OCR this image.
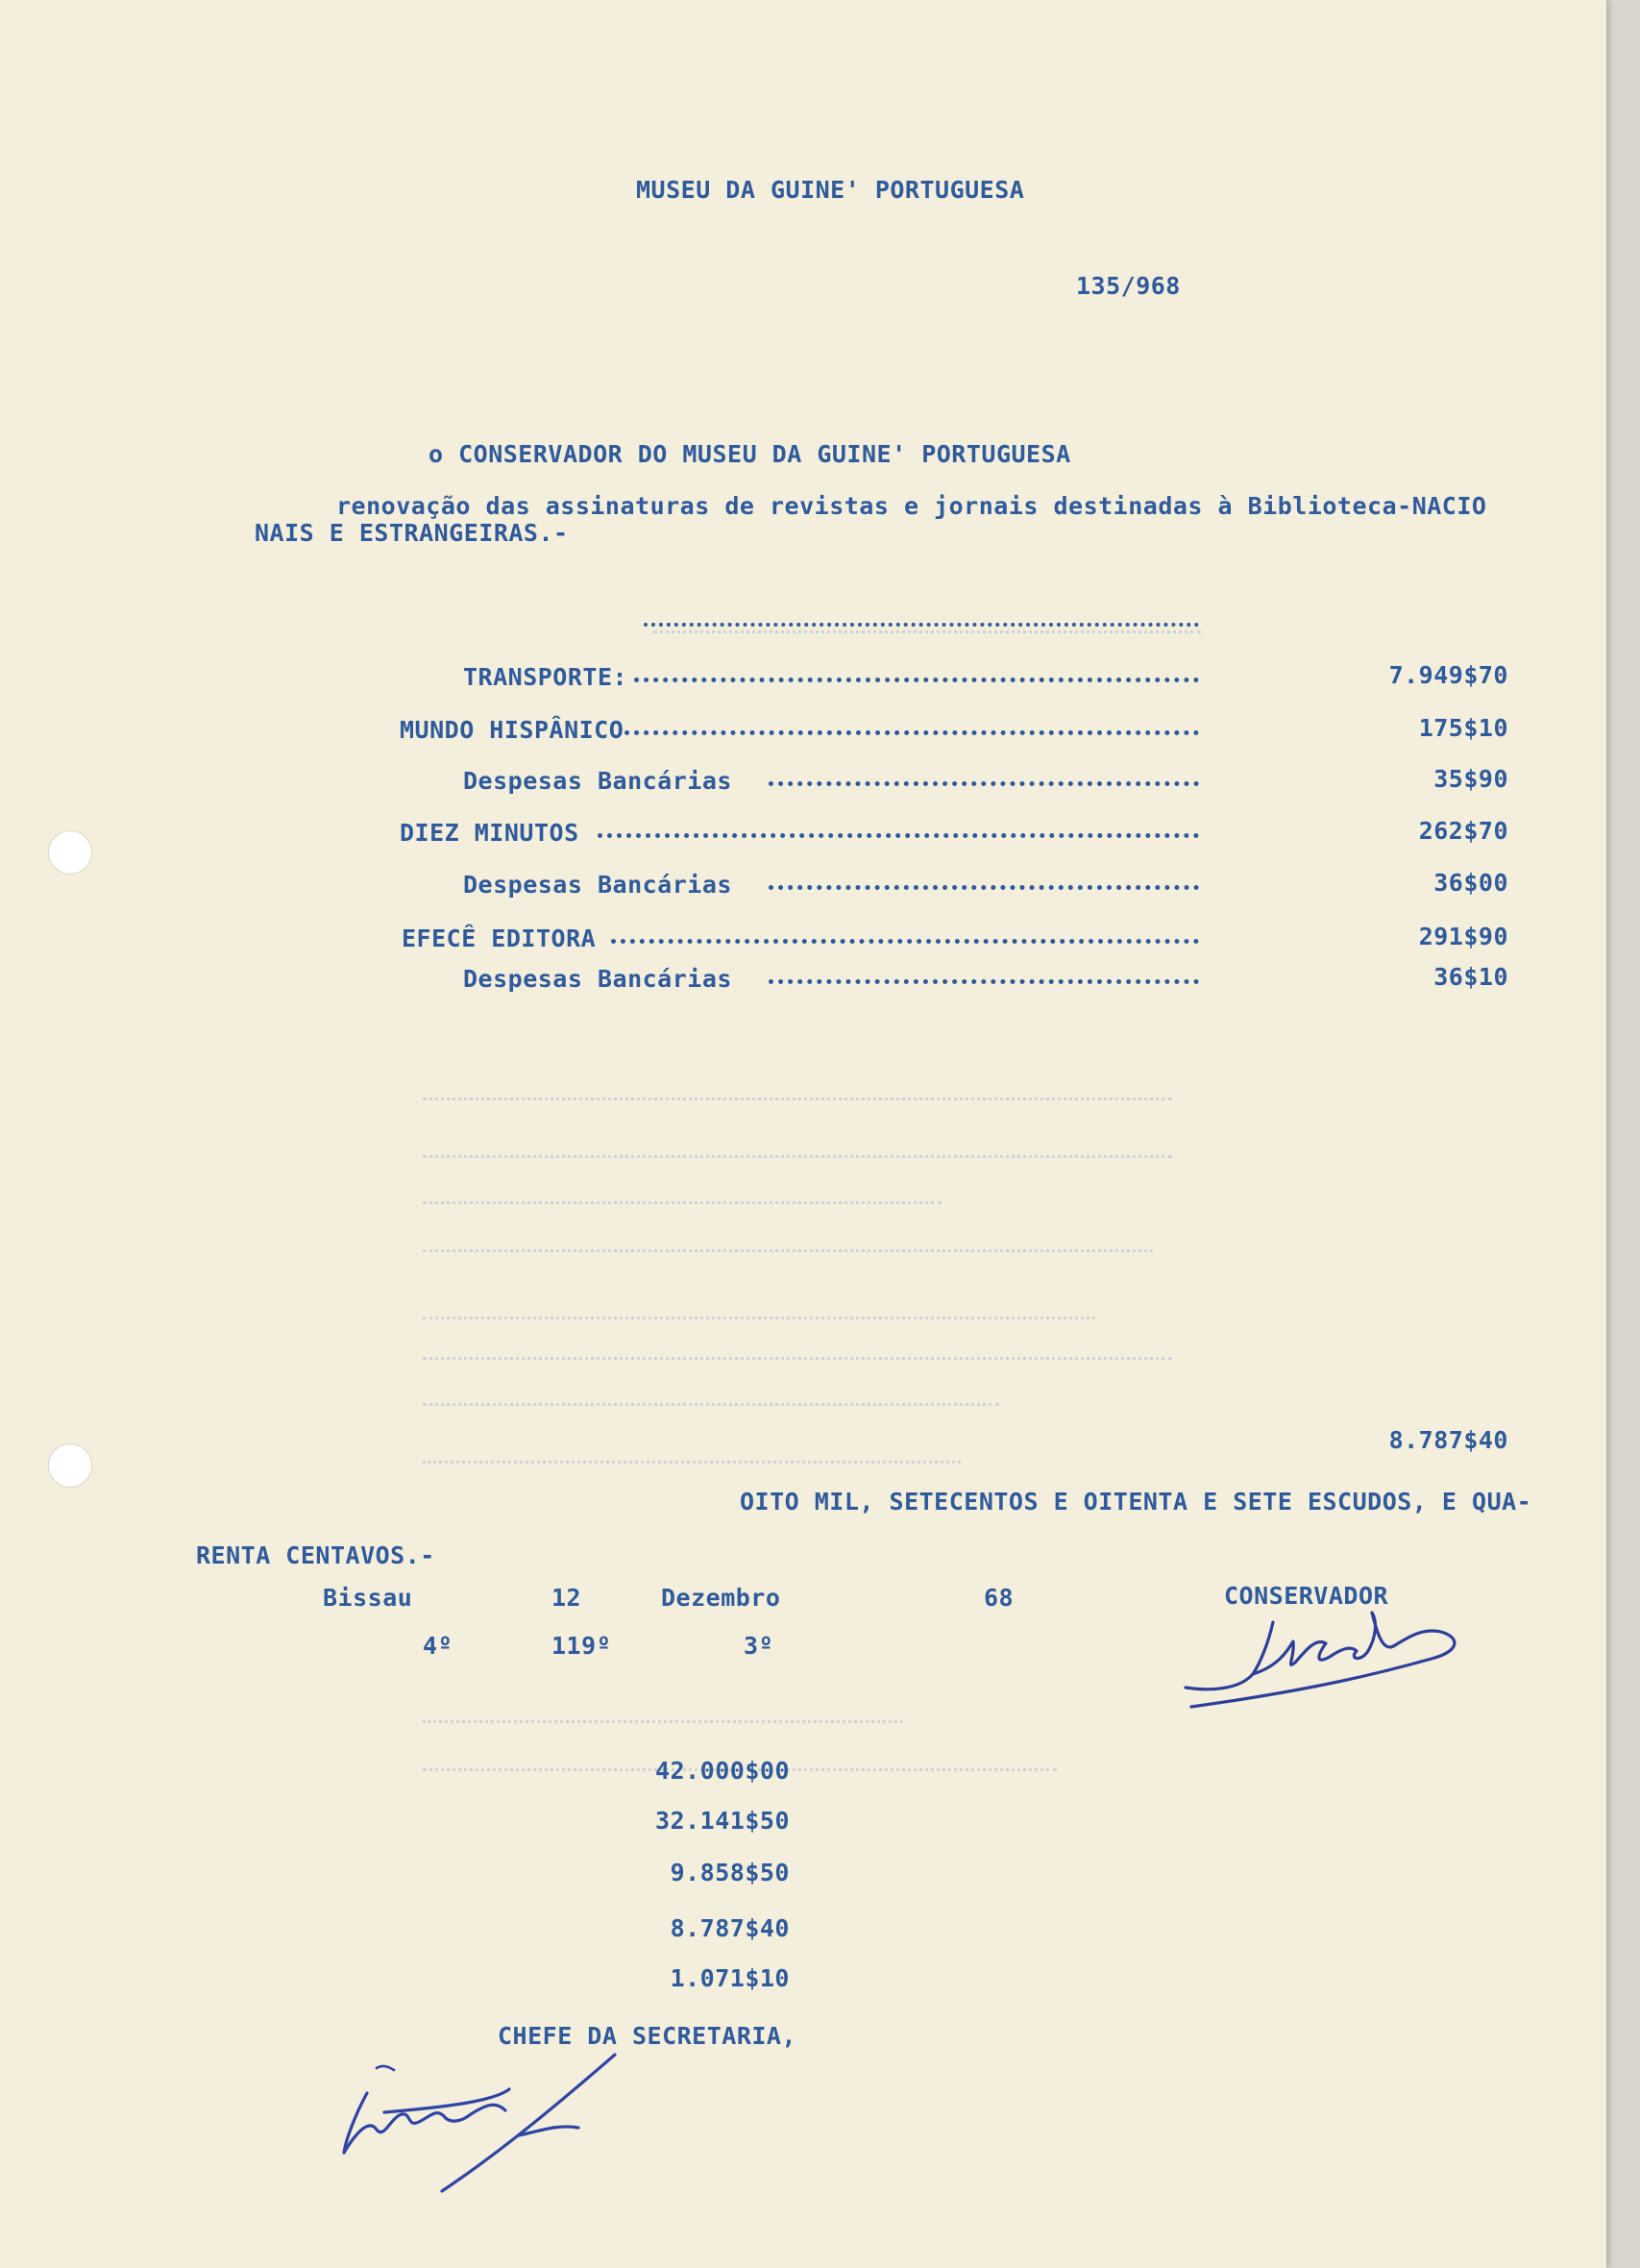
MUSEU DA GUINE' PORTUGUESA
135/968
o CONSERVADOR DO MUSEU DA GUINE' PORTUGUESA
renovação das assinaturas de revistas e jornais destinadas à Biblioteca-NACIO
NAIS E ESTRANGEIRAS.-
TRANSPORTE:	7.949$70
MUNDO HISPÂNICO	175$10
Despesas Bancárias	35$90
DIEZ MINUTOS	262$70
Despesas Bancárias	36$00
EFECÊ EDITORA	291$90
Despesas Bancárias	36$10
8.787$40
OITO MIL, SETECENTOS E OITENTA E SETE ESCUDOS, E QUA-
RENTA CENTAVOS.-
Bissau	12	Dezembro	68	CONSERVADOR
4º	119º	3º
42.000$00
32.141$50
9.858$50
8.787$40
1.071$10
CHEFE DA SECRETARIA,
